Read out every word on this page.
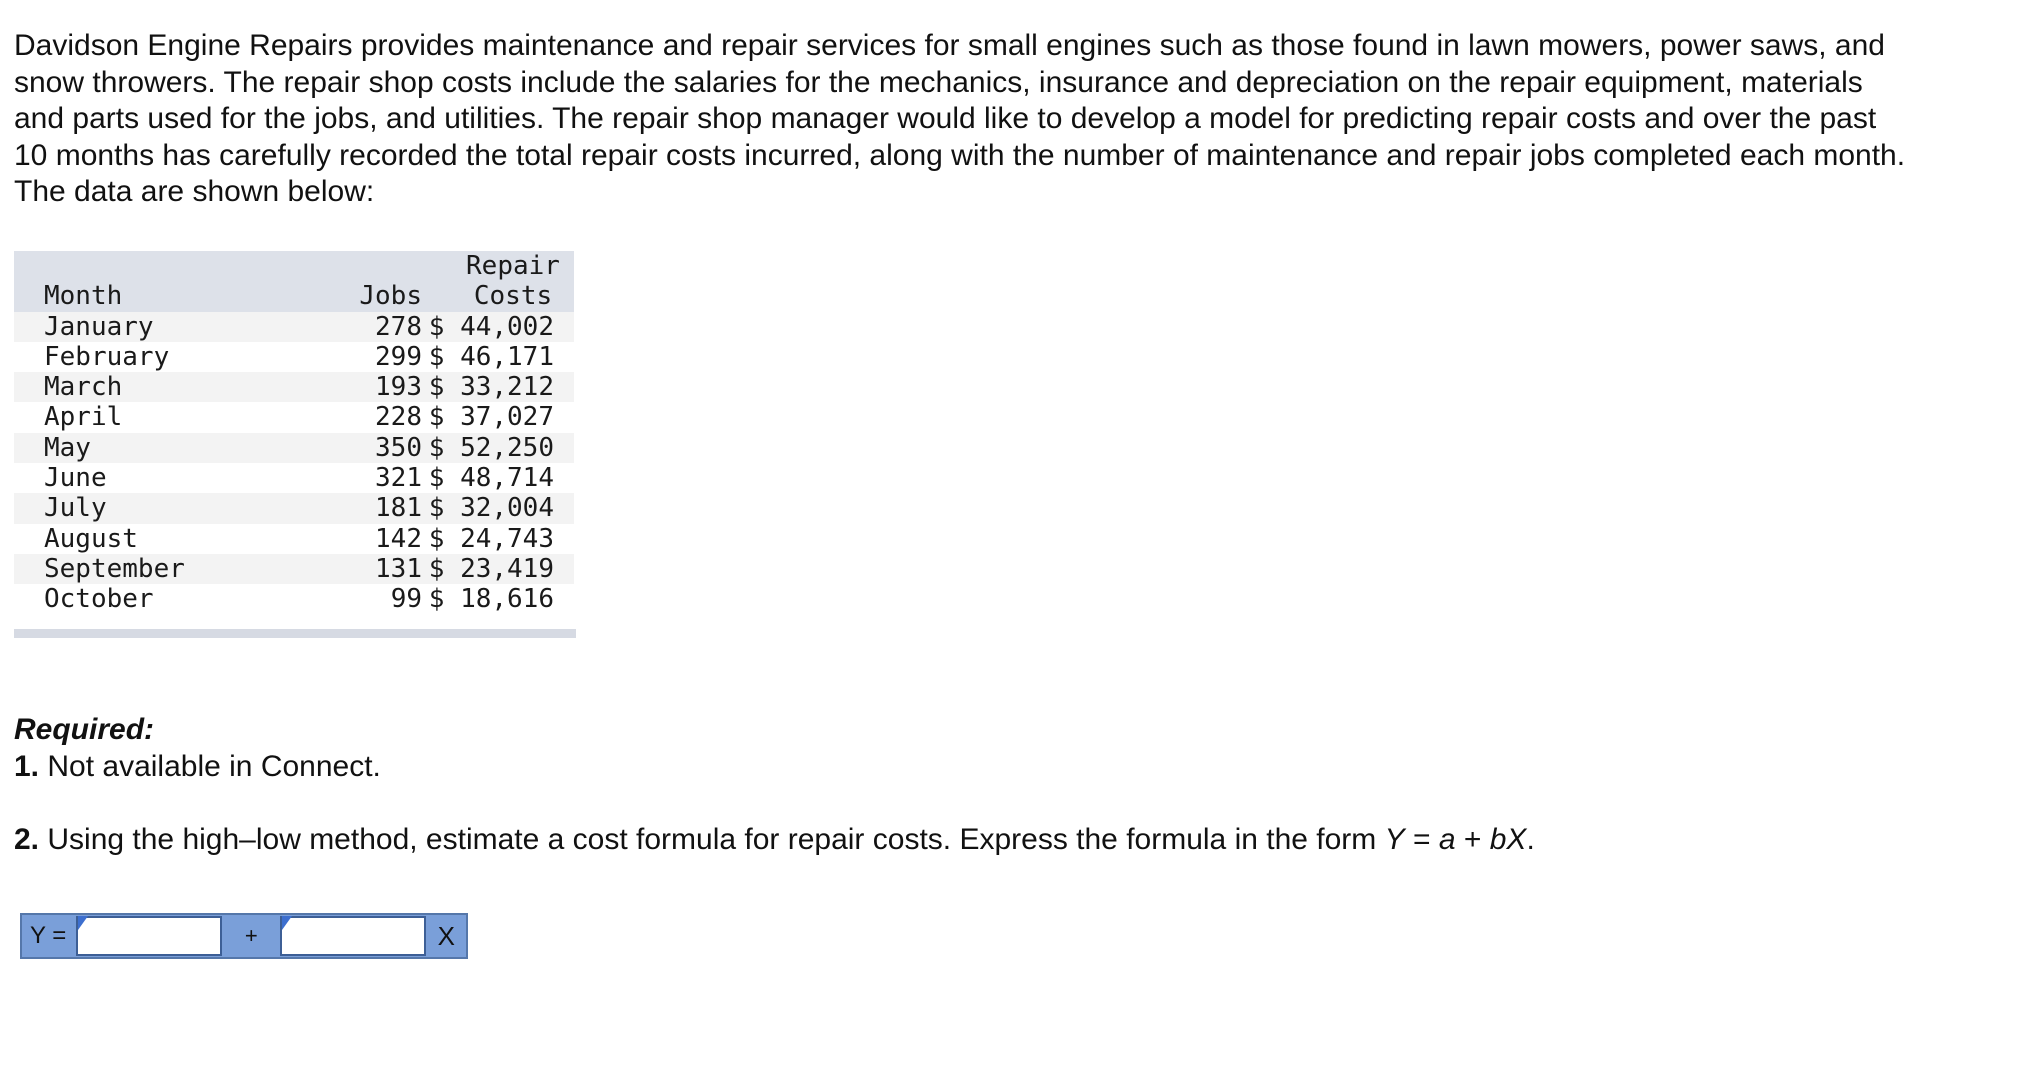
Davidson Engine Repairs provides maintenance and repair services for small engines such as those found in lawn mowers, power saws, and snow throwers. The repair shop costs include the salaries for the mechanics, insurance and depreciation on the repair equipment, materials and parts used for the jobs, and utilities. The repair shop manager would like to develop a model for predicting repair costs and over the past 10 months has carefully recorded the total repair costs incurred, along with the number of maintenance and repair jobs completed each month. The data are shown below:

Month	Jobs	Repair
Costs
January	278	$ 44,002
February	299	$ 46,171
March	193	$ 33,212
April	228	$ 37,027
May	350	$ 52,250
June	321	$ 48,714
July	181	$ 32,004
August	142	$ 24,743
September	131	$ 23,419
October	99	$ 18,616

Required:

1. Not available in Connect.

2. Using the high–low method, estimate a cost formula for repair costs. Express the formula in the form Y = a + bX.

Y =	+	X
